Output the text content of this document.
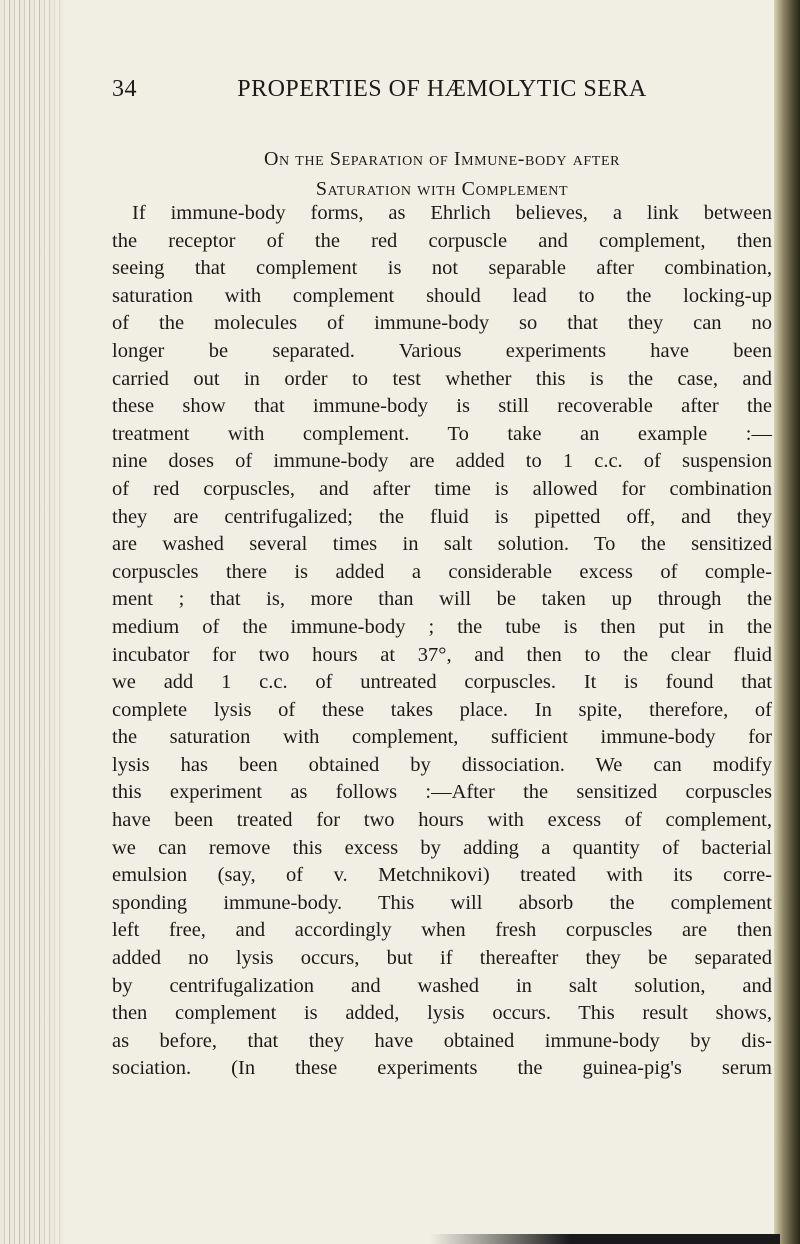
34	PROPERTIES OF HÆMOLYTIC SERA
On the Separation of Immune-body after
Saturation with Complement
If immune-body forms, as Ehrlich believes, a link between
the receptor of the red corpuscle and complement, then
seeing that complement is not separable after combination,
saturation with complement should lead to the locking-up
of the molecules of immune-body so that they can no
longer be separated. Various experiments have been
carried out in order to test whether this is the case, and
these show that immune-body is still recoverable after the
treatment with complement. To take an example :—
nine doses of immune-body are added to 1 c.c. of suspension
of red corpuscles, and after time is allowed for combination
they are centrifugalized; the fluid is pipetted off, and they
are washed several times in salt solution. To the sensitized
corpuscles there is added a considerable excess of comple-
ment ; that is, more than will be taken up through the
medium of the immune-body ; the tube is then put in the
incubator for two hours at 37°, and then to the clear fluid
we add 1 c.c. of untreated corpuscles. It is found that
complete lysis of these takes place. In spite, therefore, of
the saturation with complement, sufficient immune-body for
lysis has been obtained by dissociation. We can modify
this experiment as follows :—After the sensitized corpuscles
have been treated for two hours with excess of complement,
we can remove this excess by adding a quantity of bacterial
emulsion (say, of v. Metchnikovi) treated with its corre-
sponding immune-body. This will absorb the complement
left free, and accordingly when fresh corpuscles are then
added no lysis occurs, but if thereafter they be separated
by centrifugalization and washed in salt solution, and
then complement is added, lysis occurs. This result shows,
as before, that they have obtained immune-body by dis-
sociation. (In these experiments the guinea-pig's serum
